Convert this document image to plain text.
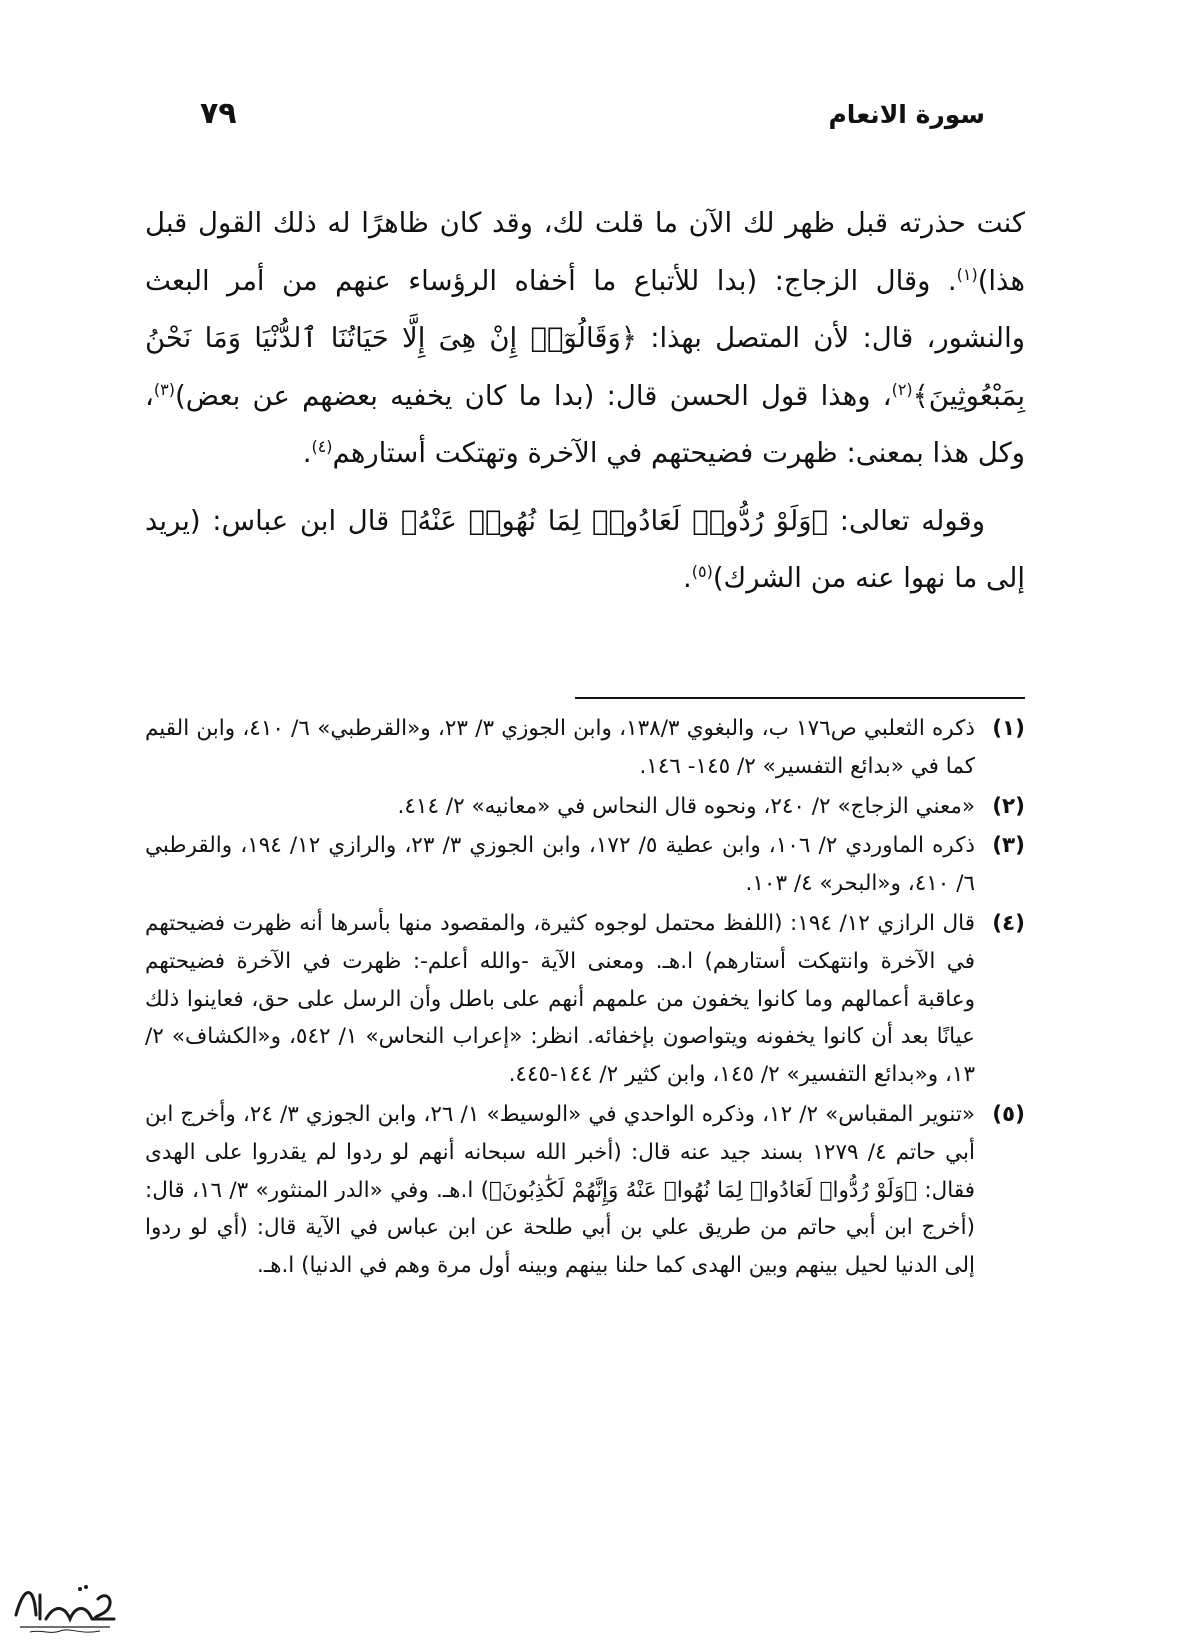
سورة الانعام
٧٩

كنت حذرته قبل ظهر لك الآن ما قلت لك، وقد كان ظاهرًا له ذلك القول قبل هذا)$^{(١)}$. وقال الزجاج: (بدا للأتباع ما أخفاه الرؤساء عنهم من أمر البعث والنشور، قال: لأن المتصل بهذا: ﴿وَقَالُوٓا۟ إِنْ هِىَ إِلَّا حَيَاتُنَا ٱلدُّنْيَا وَمَا نَحْنُ بِمَبْعُوثِينَ﴾$^{(٢)}$، وهذا قول الحسن قال: (بدا ما كان يخفيه بعضهم عن بعض)$^{(٣)}$، وكل هذا بمعنى: ظهرت فضيحتهم في الآخرة وتهتكت أستارهم$^{(٤)}$.

وقوله تعالى: ﴿وَلَوْ رُدُّوا۟ لَعَادُوا۟ لِمَا نُهُوا۟ عَنْهُ﴾ قال ابن عباس: (يريد إلى ما نهوا عنه من الشرك)$^{(٥)}$.

(١)
ذكره الثعلبي ص١٧٦ ب، والبغوي ١٣٨/٣، وابن الجوزي ٣/ ٢٣، و«القرطبي» ٦/ ٤١٠، وابن القيم كما في «بدائع التفسير» ٢/ ١٤٥- ١٤٦.
(٢)
«معني الزجاج» ٢/ ٢٤٠، ونحوه قال النحاس في «معانيه» ٢/ ٤١٤.
(٣)
ذكره الماوردي ٢/ ١٠٦، وابن عطية ٥/ ١٧٢، وابن الجوزي ٣/ ٢٣، والرازي ١٢/ ١٩٤، والقرطبي ٦/ ٤١٠، و«البحر» ٤/ ١٠٣.
(٤)
قال الرازي ١٢/ ١٩٤: (اللفظ محتمل لوجوه كثيرة، والمقصود منها بأسرها أنه ظهرت فضيحتهم في الآخرة وانتهكت أستارهم) ا.هـ. ومعنى الآية -والله أعلم-: ظهرت في الآخرة فضيحتهم وعاقبة أعمالهم وما كانوا يخفون من علمهم أنهم على باطل وأن الرسل على حق، فعاينوا ذلك عيانًا بعد أن كانوا يخفونه ويتواصون بإخفائه. انظر: «إعراب النحاس» ١/ ٥٤٢، و«الكشاف» ٢/ ١٣، و«بدائع التفسير» ٢/ ١٤٥، وابن كثير ٢/ ١٤٤-٤٤٥.
(٥)
«تنوير المقباس» ٢/ ١٢، وذكره الواحدي في «الوسيط» ١/ ٢٦، وابن الجوزي ٣/ ٢٤، وأخرج ابن أبي حاتم ٤/ ١٢٧٩ بسند جيد عنه قال: (أخبر الله سبحانه أنهم لو ردوا لم يقدروا على الهدى فقال: ﴿وَلَوْ رُدُّوا۟ لَعَادُوا۟ لِمَا نُهُوا۟ عَنْهُ وَإِنَّهُمْ لَكَٰذِبُونَ﴾) ا.هـ. وفي «الدر المنثور» ٣/ ١٦، قال: (أخرج ابن أبي حاتم من طريق علي بن أبي طلحة عن ابن عباس في الآية قال: (أي لو ردوا إلى الدنيا لحيل بينهم وبين الهدى كما حلنا بينهم وبينه أول مرة وهم في الدنيا) ا.هـ.
